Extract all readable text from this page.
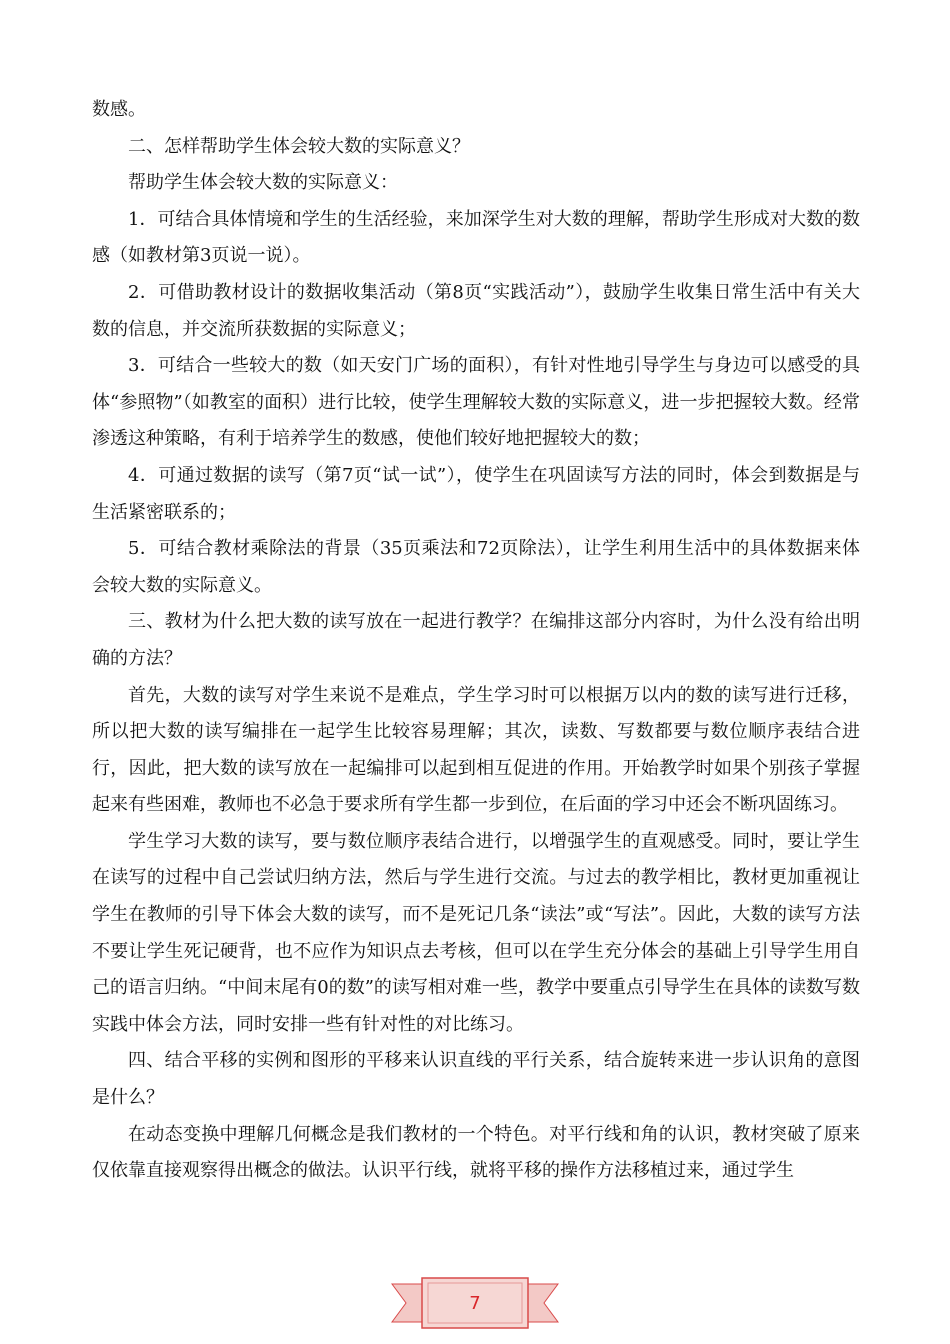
数感。

二、怎样帮助学生体会较大数的实际意义？

帮助学生体会较大数的实际意义：

1．可结合具体情境和学生的生活经验，来加深学生对大数的理解，帮助学生形成对大数的数感（如教材第3页说一说）。

2．可借助教材设计的数据收集活动（第8页“实践活动”），鼓励学生收集日常生活中有关大数的信息，并交流所获数据的实际意义；

3．可结合一些较大的数（如天安门广场的面积），有针对性地引导学生与身边可以感受的具体“参照物”（如教室的面积）进行比较，使学生理解较大数的实际意义，进一步把握较大数。经常渗透这种策略，有利于培养学生的数感，使他们较好地把握较大的数；

4．可通过数据的读写（第7页“试一试”），使学生在巩固读写方法的同时，体会到数据是与生活紧密联系的；

5．可结合教材乘除法的背景（35页乘法和72页除法），让学生利用生活中的具体数据来体会较大数的实际意义。

三、教材为什么把大数的读写放在一起进行教学？在编排这部分内容时，为什么没有给出明确的方法？

首先，大数的读写对学生来说不是难点，学生学习时可以根据万以内的数的读写进行迁移，所以把大数的读写编排在一起学生比较容易理解；其次，读数、写数都要与数位顺序表结合进行，因此，把大数的读写放在一起编排可以起到相互促进的作用。开始教学时如果个别孩子掌握起来有些困难，教师也不必急于要求所有学生都一步到位，在后面的学习中还会不断巩固练习。

学生学习大数的读写，要与数位顺序表结合进行，以增强学生的直观感受。同时，要让学生在读写的过程中自己尝试归纳方法，然后与学生进行交流。与过去的教学相比，教材更加重视让学生在教师的引导下体会大数的读写，而不是死记几条“读法”或“写法”。因此，大数的读写方法不要让学生死记硬背，也不应作为知识点去考核，但可以在学生充分体会的基础上引导学生用自己的语言归纳。“中间末尾有0的数”的读写相对难一些，教学中要重点引导学生在具体的读数写数实践中体会方法，同时安排一些有针对性的对比练习。

四、结合平移的实例和图形的平移来认识直线的平行关系，结合旋转来进一步认识角的意图是什么？

在动态变换中理解几何概念是我们教材的一个特色。对平行线和角的认识，教材突破了原来仅依靠直接观察得出概念的做法。认识平行线，就将平移的操作方法移植过来，通过学生

7
